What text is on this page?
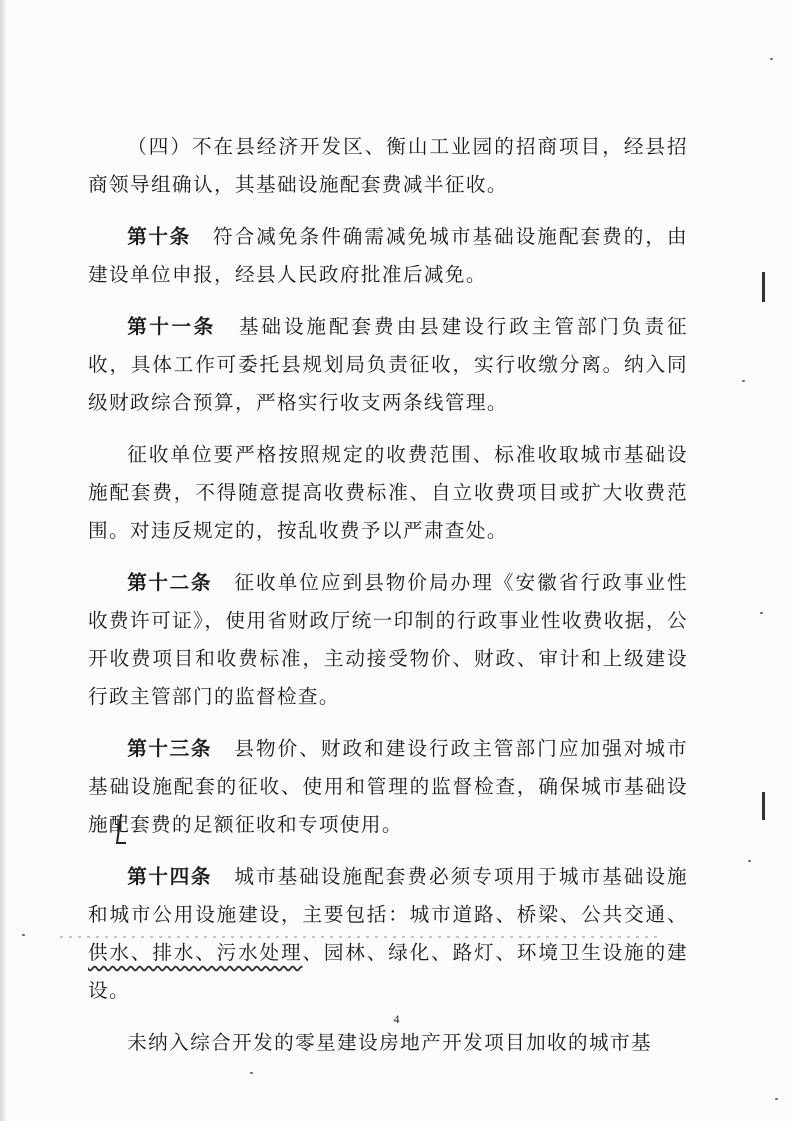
（四）不在县经济开发区、衡山工业园的招商项目，经县招商领导组确认，其基础设施配套费减半征收。

第十条 符合减免条件确需减免城市基础设施配套费的，由建设单位申报，经县人民政府批准后减免。

第十一条 基础设施配套费由县建设行政主管部门负责征收，具体工作可委托县规划局负责征收，实行收缴分离。纳入同级财政综合预算，严格实行收支两条线管理。

征收单位要严格按照规定的收费范围、标准收取城市基础设施配套费，不得随意提高收费标准、自立收费项目或扩大收费范围。对违反规定的，按乱收费予以严肃查处。

第十二条 征收单位应到县物价局办理《安徽省行政事业性收费许可证》，使用省财政厅统一印制的行政事业性收费收据，公开收费项目和收费标准，主动接受物价、财政、审计和上级建设行政主管部门的监督检查。

第十三条 县物价、财政和建设行政主管部门应加强对城市基础设施配套的征收、使用和管理的监督检查，确保城市基础设施配套费的足额征收和专项使用。

第十四条 城市基础设施配套费必须专项用于城市基础设施和城市公用设施建设，主要包括：城市道路、桥梁、公共交通、供水、排水、污水处理、园林、绿化、路灯、环境卫生设施的建设。

未纳入综合开发的零星建设房地产开发项目加收的城市基

4
